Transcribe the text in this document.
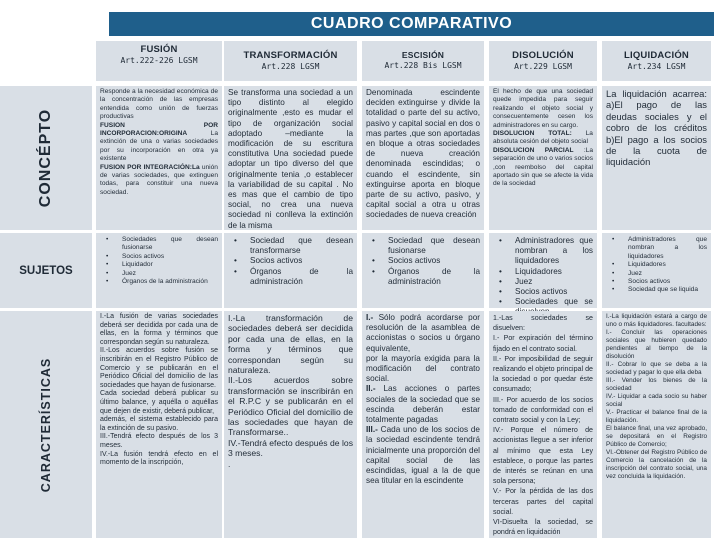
CUADRO COMPARATIVO
FUSIÓN
Art.222-226 LGSM	TRANSFORMACIÓN
Art.228 LGSM
ESCISIÓN
Art.228 Bis LGSM
DISOLUCIÓN
Art.229 LGSM
LIQUIDACIÓN
Art.234 LGSM
CONCÉPTO
SUJETOS
CARACTERÍSTICAS

Responde a la necesidad económica de la concentración de las empresas entendida como unión de fuerzas productivas

FUSION POR INCORPORACION:ORIGINA	La extinción de una o varias sociedades por su incorporación en otra ya existente

FUSION POR INTEGRACIÓN:La unión de varias sociedades, que extinguen todas, para constituir una nueva sociedad.

Se transforma una sociedad a un tipo distinto al elegido originalmente ,esto es mudar el tipo de organización social adoptado –mediante la modificación de su escritura constitutiva Una sociedad puede adoptar un tipo diverso del que originalmente tenia ,o establecer la variabilidad de su capital . No es mas que el cambio de tipo social, no crea una nueva sociedad ni conlleva la extinción de la misma

Denominada escindente deciden extinguirse y divide la totalidad o parte del su activo, pasivo y capital social en dos o mas partes ,que son aportadas en bloque a otras sociedades de nueva creación denominada escindidas; o cuando el escindente, sin extinguirse aporta en bloque parte de su activo, pasivo, y capital social a otra u otras sociedades de nueva creación

El hecho de que una sociedad quede impedida para seguir realizando el objeto social y consecuentemente cesen los administradores en su cargo.

DISOLUCION TOTAL: La absoluta cesión del objeto social

DISOLUCION PARCIAL :La separación de uno o varios socios ,con reembolso del capital aportado sin que se afecte la vida de la sociedad

La liquidación acarrea: a)El pago de las deudas sociales y el cobro de los créditos b)El pago a los socios de la cuota de liquidación

• Sociedades que desean fusionarse
• Socios activos
• Liquidador
• Juez
• Órganos de la administración
• Sociedad que desean transformarse
• Socios activos
• Órganos de la administración
• Sociedad que desean fusionarse
• Socios activos
• Órganos de la administración
• Administradores que nombran a los liquidadores
• Liquidadores
• Juez
• Socios activos
• Sociedades que se
• Administradores que nombran a los liquidadores
• Liquidadores
• Juez
• Socios activos
• Sociedad que se liquida

I.-La fusión de varias sociedades deberá ser decidida por cada una de ellas, en la forma y términos que correspondan según su naturaleza.

II.-Los acuerdos sobre fusión se inscribirán en el Registro Público de Comercio y se publicarán en el Periódico Oficial del domicilio de las sociedades que hayan de fusionarse.

Cada sociedad deberá publicar su último balance, y aquélla o aquéllas que dejen de existir, deberá publicar,

además, el sistema establecido para la extinción de su pasivo.

III.-Tendrá efecto después de los 3 meses.

IV.-La fusión tendrá efecto en el momento de la inscripción,

I.-La transformación de sociedades deberá ser decidida por cada una de ellas, en la forma y términos que correspondan según su naturaleza.

II.-Los acuerdos sobre transformación se inscribirán en el R.P.C y se publicarán en el Periódico Oficial del domicilio de las sociedades que hayan de Transformarse..

IV.-Tendrá efecto después de los 3 meses.

.

I.- Sólo podrá acordarse por resolución de la asamblea de accionistas o socios u órgano equivalente,

por la mayoría exigida para la modificación del contrato social.

II.- Las acciones o partes sociales de la sociedad que se escinda deberán estar totalmente pagadas

III.- Cada uno de los socios de la sociedad escindente tendrá inicialmente una proporción del capital social de las escindidas, igual a la de que sea titular en la escindente

1.-Las sociedades se disuelven:

I.- Por expiración del término fijado en el contrato social.

II.- Por imposibilidad de seguir realizando el objeto principal de la sociedad o por quedar éste consumado;

III.- Por acuerdo de los socios tomado de conformidad con el contrato social y con la Ley;

IV.- Porque el número de accionistas llegue a ser inferior al mínimo que esta Ley establece, o porque las partes de interés se reúnan en una sola persona;

V.- Por la pérdida de las dos terceras partes del capital social.

VI-Disuelta la sociedad, se pondrá en liquidación

I.-La liquidación estará a cargo de uno o más liquidadores. facultades:

I.- Concluir las operaciones sociales que hubieren quedado pendientes al tiempo de la disolución

II.- Cobrar lo que se deba a la sociedad y pagar lo que ella deba

III.- Vender los bienes de la sociedad

IV.- Liquidar a cada socio su haber social

V.- Practicar el balance final de la liquidación.

El balance final, una vez aprobado, se depositará en el Registro Público de Comercio;

VI.-Obtener del Registro Público de Comercio la cancelación de la inscripción del contrato social, una vez concluida la liquidación.
